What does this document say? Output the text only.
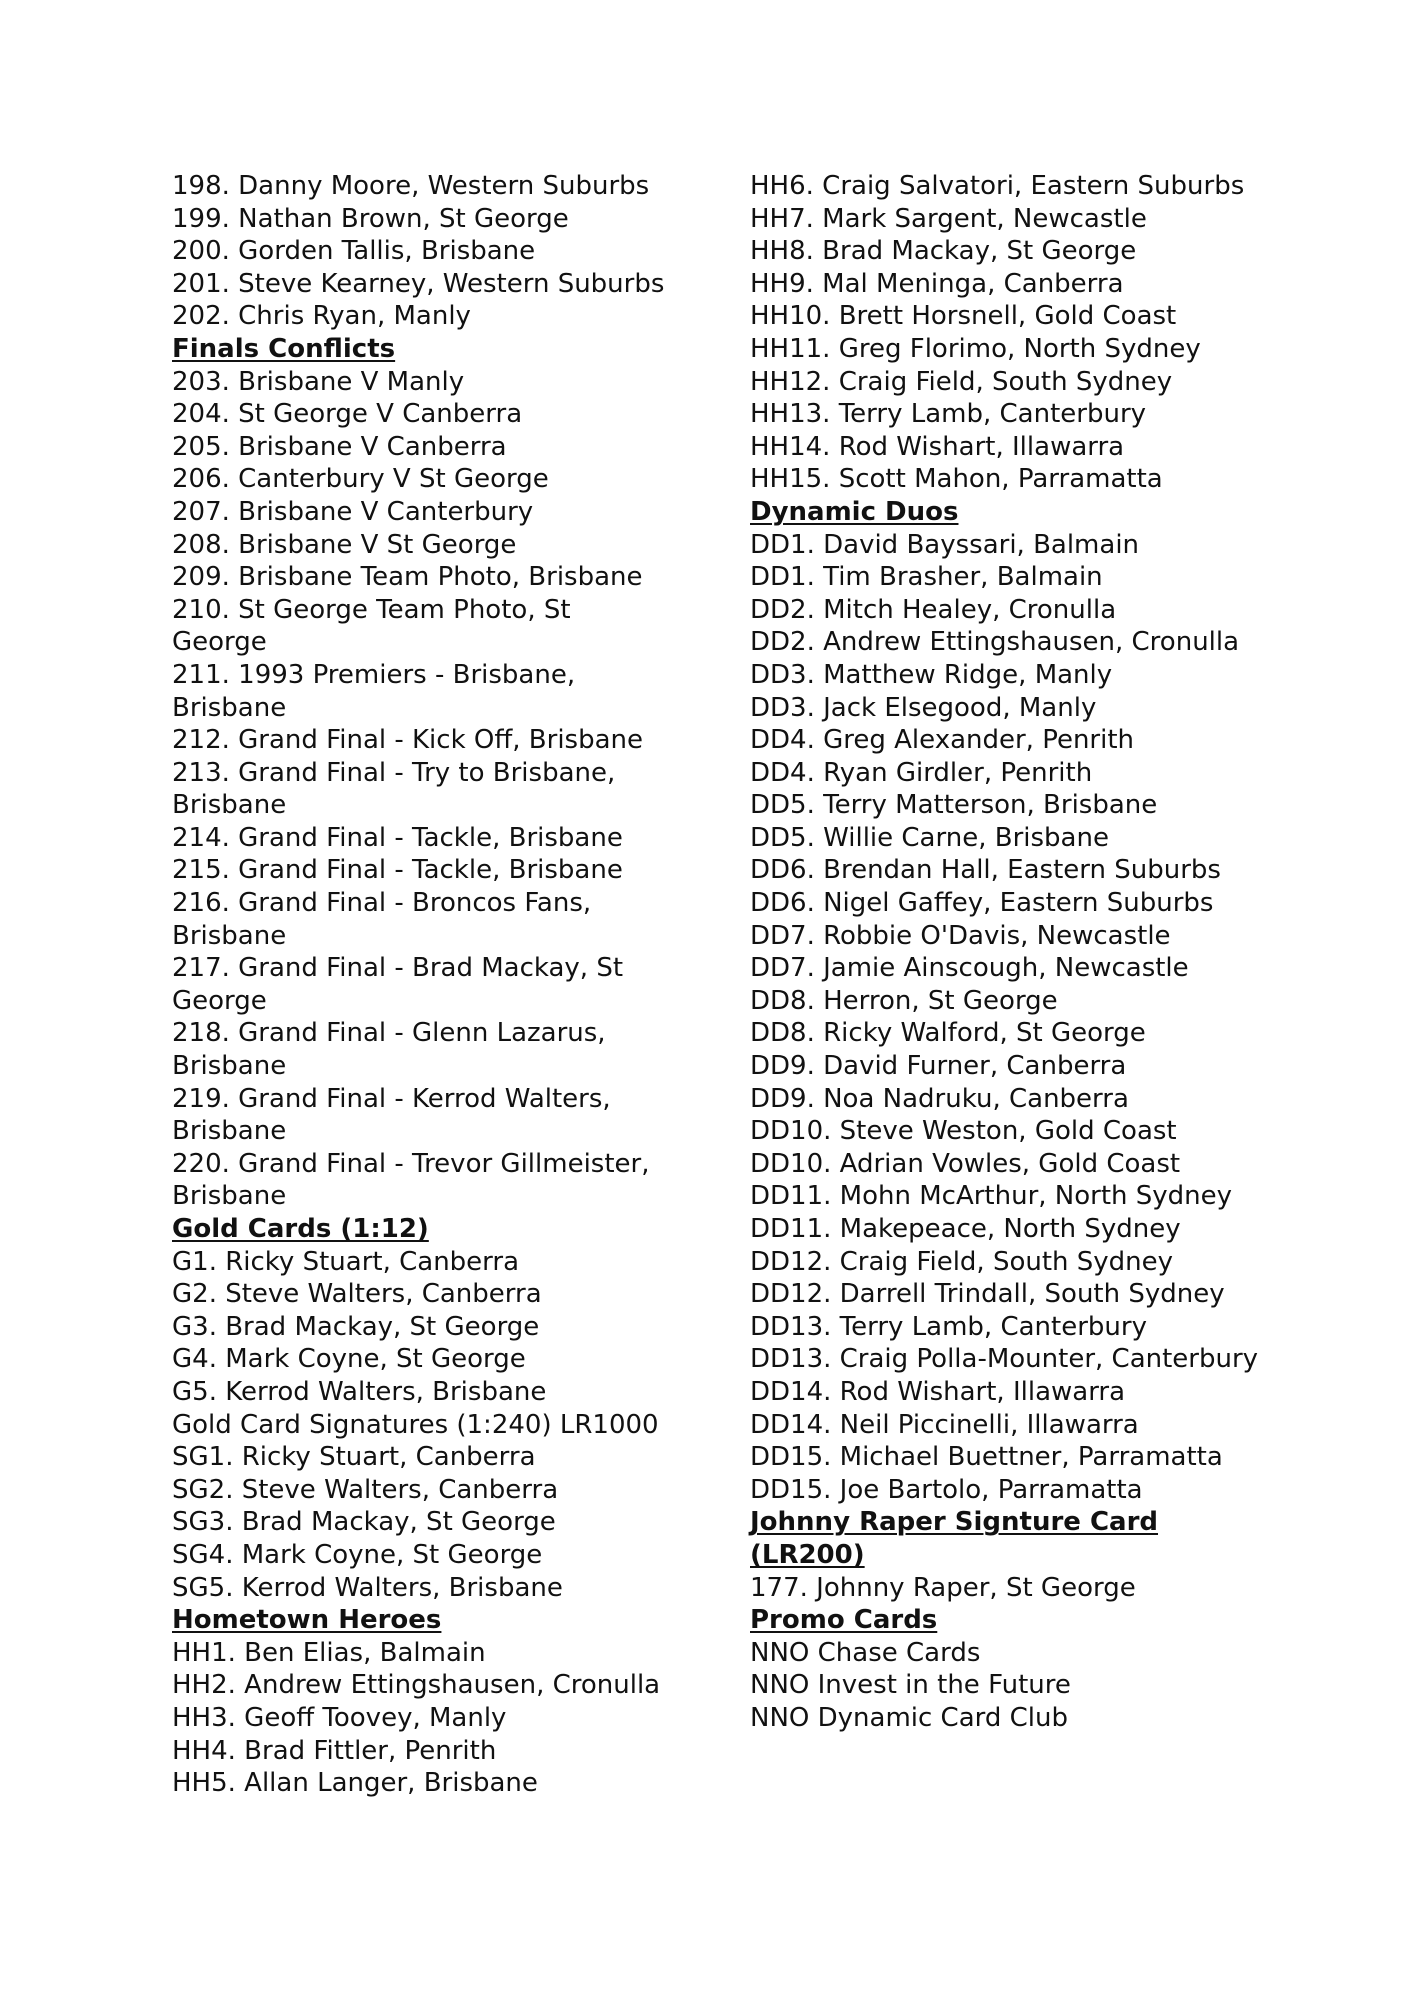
198. Danny Moore, Western Suburbs
199. Nathan Brown, St George
200. Gorden Tallis, Brisbane
201. Steve Kearney, Western Suburbs
202. Chris Ryan, Manly
Finals Conflicts
203. Brisbane V Manly
204. St George V Canberra
205. Brisbane V Canberra
206. Canterbury V St George
207. Brisbane V Canterbury
208. Brisbane V St George
209. Brisbane Team Photo, Brisbane
210. St George Team Photo, St George
211. 1993 Premiers - Brisbane, Brisbane
212. Grand Final - Kick Off, Brisbane
213. Grand Final - Try to Brisbane, Brisbane
214. Grand Final - Tackle, Brisbane
215. Grand Final - Tackle, Brisbane
216. Grand Final - Broncos Fans, Brisbane
217. Grand Final - Brad Mackay, St George
218. Grand Final - Glenn Lazarus, Brisbane
219. Grand Final - Kerrod Walters, Brisbane
220. Grand Final - Trevor Gillmeister, Brisbane
Gold Cards (1:12)
G1. Ricky Stuart, Canberra
G2. Steve Walters, Canberra
G3. Brad Mackay, St George
G4. Mark Coyne, St George
G5. Kerrod Walters, Brisbane
Gold Card Signatures (1:240) LR1000
SG1. Ricky Stuart, Canberra
SG2. Steve Walters, Canberra
SG3. Brad Mackay, St George
SG4. Mark Coyne, St George
SG5. Kerrod Walters, Brisbane
Hometown Heroes
HH1. Ben Elias, Balmain
HH2. Andrew Ettingshausen, Cronulla
HH3. Geoff Toovey, Manly
HH4. Brad Fittler, Penrith
HH5. Allan Langer, Brisbane
HH6. Craig Salvatori, Eastern Suburbs
HH7. Mark Sargent, Newcastle
HH8. Brad Mackay, St George
HH9. Mal Meninga, Canberra
HH10. Brett Horsnell, Gold Coast
HH11. Greg Florimo, North Sydney
HH12. Craig Field, South Sydney
HH13. Terry Lamb, Canterbury
HH14. Rod Wishart, Illawarra
HH15. Scott Mahon, Parramatta
Dynamic Duos
DD1. David Bayssari, Balmain
DD1. Tim Brasher, Balmain
DD2. Mitch Healey, Cronulla
DD2. Andrew Ettingshausen, Cronulla
DD3. Matthew Ridge, Manly
DD3. Jack Elsegood, Manly
DD4. Greg Alexander, Penrith
DD4. Ryan Girdler, Penrith
DD5. Terry Matterson, Brisbane
DD5. Willie Carne, Brisbane
DD6. Brendan Hall, Eastern Suburbs
DD6. Nigel Gaffey, Eastern Suburbs
DD7. Robbie O'Davis, Newcastle
DD7. Jamie Ainscough, Newcastle
DD8. Herron, St George
DD8. Ricky Walford, St George
DD9. David Furner, Canberra
DD9. Noa Nadruku, Canberra
DD10. Steve Weston, Gold Coast
DD10. Adrian Vowles, Gold Coast
DD11. Mohn McArthur, North Sydney
DD11. Makepeace, North Sydney
DD12. Craig Field, South Sydney
DD12. Darrell Trindall, South Sydney
DD13. Terry Lamb, Canterbury
DD13. Craig Polla-Mounter, Canterbury
DD14. Rod Wishart, Illawarra
DD14. Neil Piccinelli, Illawarra
DD15. Michael Buettner, Parramatta
DD15. Joe Bartolo, Parramatta
Johnny Raper Signture Card (LR200)
177. Johnny Raper, St George
Promo Cards
NNO Chase Cards
NNO Invest in the Future
NNO Dynamic Card Club
